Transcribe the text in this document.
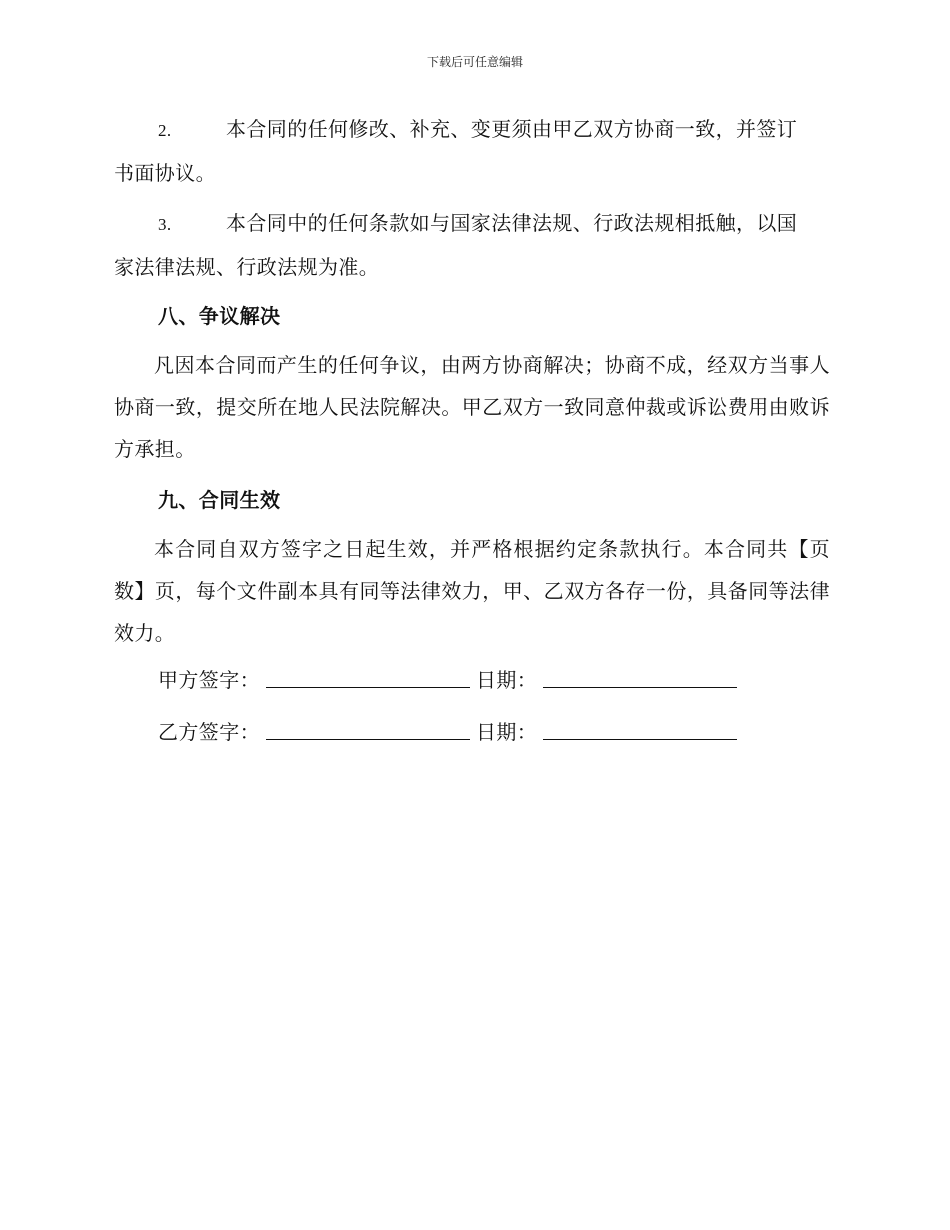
下载后可任意编辑
2.	本合同的任何修改、补充、变更须由甲乙双方协商一致，并签订
书面协议。
3.	本合同中的任何条款如与国家法律法规、行政法规相抵触，以国
家法律法规、行政法规为准。

八、争议解决

凡因本合同而产生的任何争议，由两方协商解决；协商不成，经双方当事人协商一致，提交所在地人民法院解决。甲乙双方一致同意仲裁或诉讼费用由败诉方承担。

九、合同生效

本合同自双方签字之日起生效，并严格根据约定条款执行。本合同共【页数】页，每个文件副本具有同等法律效力，甲、乙双方各存一份，具备同等法律效力。

甲方签字：	日期：
乙方签字：	日期：
